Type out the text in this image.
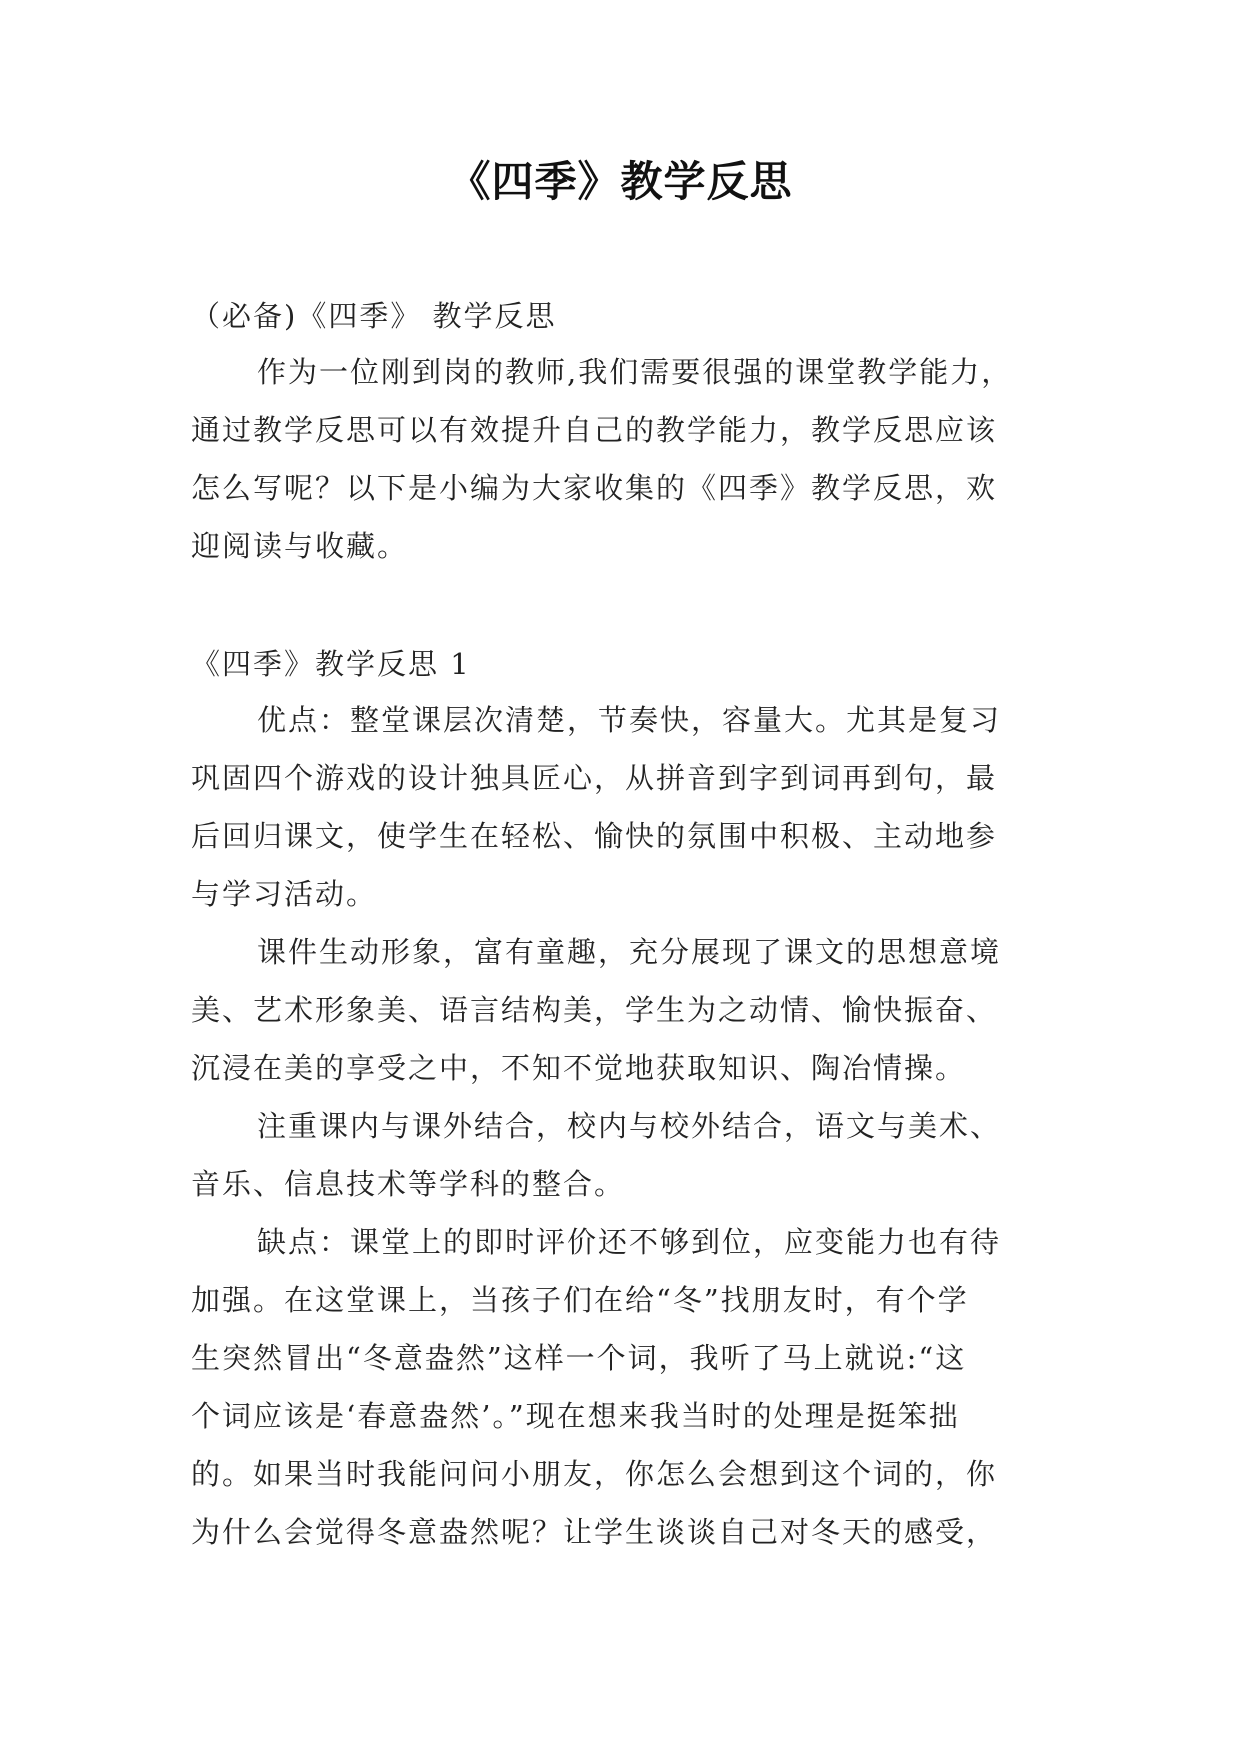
《四季》教学反思
（必备)《四季》 教学反思
作为一位刚到岗的教师,我们需要很强的课堂教学能力，
通过教学反思可以有效提升自己的教学能力，教学反思应该
怎么写呢？以下是小编为大家收集的《四季》教学反思，欢
迎阅读与收藏。
《四季》教学反思 1
优点：整堂课层次清楚，节奏快，容量大。尤其是复习
巩固四个游戏的设计独具匠心，从拼音到字到词再到句，最
后回归课文，使学生在轻松、愉快的氛围中积极、主动地参
与学习活动。
课件生动形象，富有童趣，充分展现了课文的思想意境
美、艺术形象美、语言结构美，学生为之动情、愉快振奋、
沉浸在美的享受之中，不知不觉地获取知识、陶冶情操。
注重课内与课外结合，校内与校外结合，语文与美术、
音乐、信息技术等学科的整合。
缺点：课堂上的即时评价还不够到位，应变能力也有待
加强。在这堂课上，当孩子们在给“冬”找朋友时，有个学
生突然冒出“冬意盎然”这样一个词，我听了马上就说:“这
个词应该是‘春意盎然’。”现在想来我当时的处理是挺笨拙
的。如果当时我能问问小朋友，你怎么会想到这个词的，你
为什么会觉得冬意盎然呢？让学生谈谈自己对冬天的感受，
